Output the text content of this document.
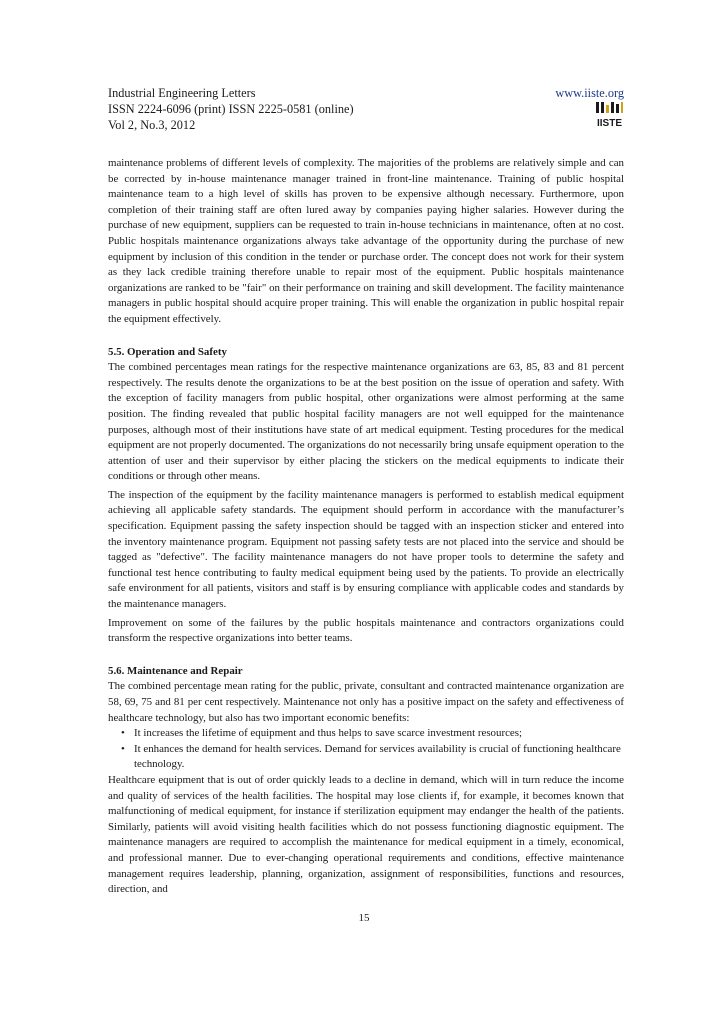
Industrial Engineering Letters
ISSN 2224-6096 (print) ISSN 2225-0581 (online)
Vol 2, No.3, 2012
www.iiste.org
IISTE

maintenance problems of different levels of complexity. The majorities of the problems are relatively simple and can be corrected by in-house maintenance manager trained in front-line maintenance. Training of public hospital maintenance team to a high level of skills has proven to be expensive although necessary. Furthermore, upon completion of their training staff are often lured away by companies paying higher salaries. However during the purchase of new equipment, suppliers can be requested to train in-house technicians in maintenance, often at no cost. Public hospitals maintenance organizations always take advantage of the opportunity during the purchase of new equipment by inclusion of this condition in the tender or purchase order. The concept does not work for their system as they lack credible training therefore unable to repair most of the equipment. Public hospitals maintenance organizations are ranked to be "fair" on their performance on training and skill development. The facility maintenance managers in public hospital should acquire proper training. This will enable the organization in public hospital repair the equipment effectively.

5.5. Operation and Safety

The combined percentages mean ratings for the respective maintenance organizations are 63, 85, 83 and 81 percent respectively. The results denote the organizations to be at the best position on the issue of operation and safety. With the exception of facility managers from public hospital, other organizations were almost performing at the same position. The finding revealed that public hospital facility managers are not well equipped for the maintenance purposes, although most of their institutions have state of art medical equipment. Testing procedures for the medical equipment are not properly documented. The organizations do not necessarily bring unsafe equipment operation to the attention of user and their supervisor by either placing the stickers on the medical equipments to indicate their conditions or through other means.

The inspection of the equipment by the facility maintenance managers is performed to establish medical equipment achieving all applicable safety standards. The equipment should perform in accordance with the manufacturer’s specification. Equipment passing the safety inspection should be tagged with an inspection sticker and entered into the inventory maintenance program. Equipment not passing safety tests are not placed into the service and should be tagged as "defective". The facility maintenance managers do not have proper tools to determine the safety and functional test hence contributing to faulty medical equipment being used by the patients. To provide an electrically safe environment for all patients, visitors and staff is by ensuring compliance with applicable codes and standards by the maintenance managers.

Improvement on some of the failures by the public hospitals maintenance and contractors organizations could transform the respective organizations into better teams.

5.6. Maintenance and Repair

The combined percentage mean rating for the public, private, consultant and contracted maintenance organization are 58, 69, 75 and 81 per cent respectively. Maintenance not only has a positive impact on the safety and effectiveness of healthcare technology, but also has two important economic benefits:

• It increases the lifetime of equipment and thus helps to save scarce investment resources;
• It enhances the demand for health services. Demand for services availability is crucial of functioning healthcare technology.

Healthcare equipment that is out of order quickly leads to a decline in demand, which will in turn reduce the income and quality of services of the health facilities. The hospital may lose clients if, for example, it becomes known that malfunctioning of medical equipment, for instance if sterilization equipment may endanger the health of the patients. Similarly, patients will avoid visiting health facilities which do not possess functioning diagnostic equipment. The maintenance managers are required to accomplish the maintenance for medical equipment in a timely, economical, and professional manner. Due to ever-changing operational requirements and conditions, effective maintenance management requires leadership, planning, organization, assignment of responsibilities, functions and resources, direction, and

15
